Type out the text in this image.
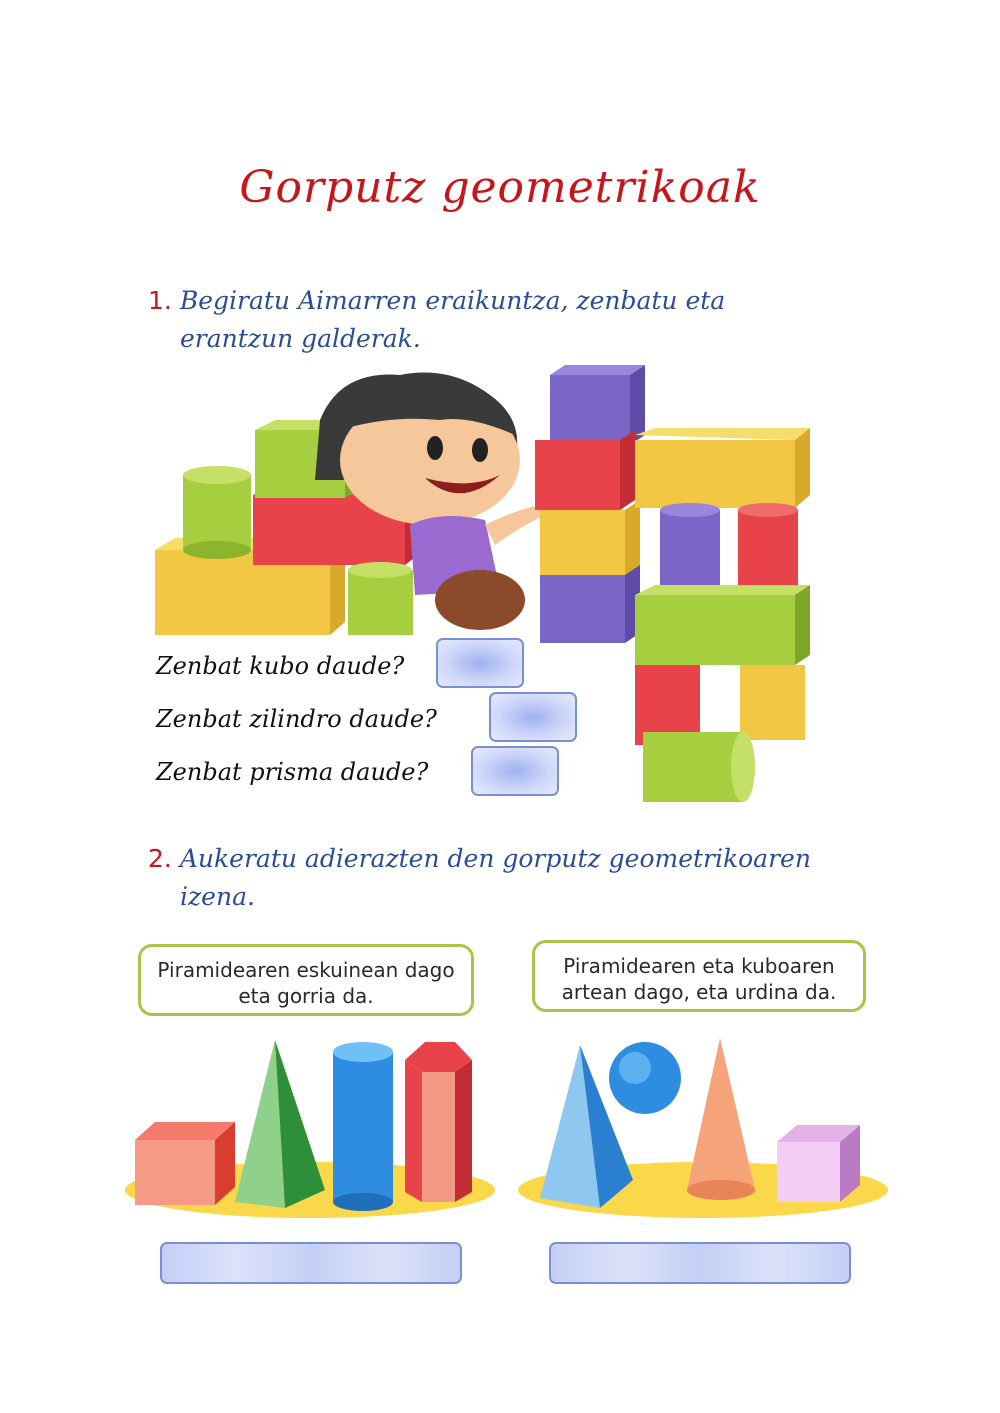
Gorputz geometrikoak
1. Begiratu Aimarren eraikuntza, zenbatu eta
erantzun galderak.
Zenbat kubo daude?
Zenbat zilindro daude?
Zenbat prisma daude?
2. Aukeratu adierazten den gorputz geometrikoaren
izena.
Piramidearen eskuinean dago
eta gorria da.
Piramidearen eta kuboaren
artean dago, eta urdina da.
